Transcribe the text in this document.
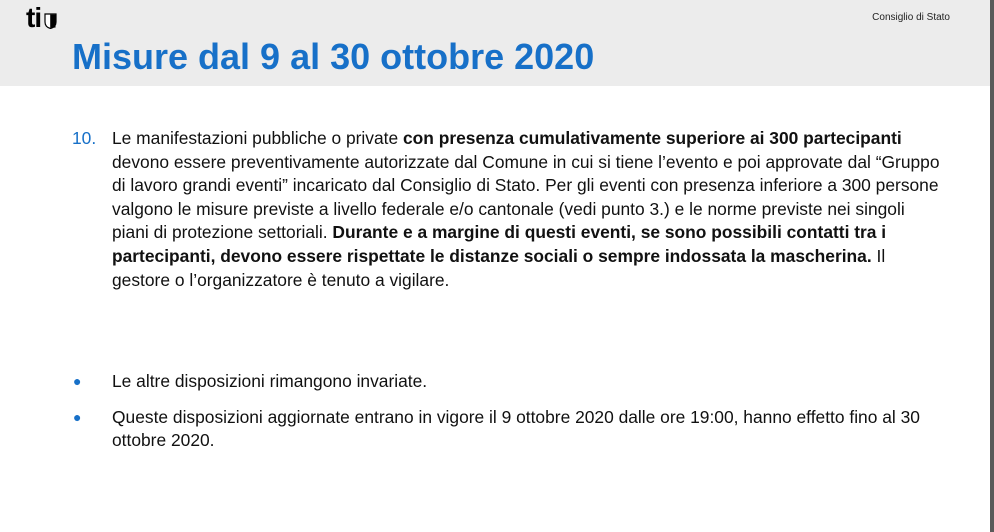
ti	Consiglio di Stato
Misure dal 9 al 30 ottobre 2020
10. Le manifestazioni pubbliche o private con presenza cumulativamente superiore ai 300 partecipanti devono essere preventivamente autorizzate dal Comune in cui si tiene l’evento e poi approvate dal “Gruppo di lavoro grandi eventi” incaricato dal Consiglio di Stato. Per gli eventi con presenza inferiore a 300 persone valgono le misure previste a livello federale e/o cantonale (vedi punto 3.) e le norme previste nei singoli piani di protezione settoriali. Durante e a margine di questi eventi, se sono possibili contatti tra i partecipanti, devono essere rispettate le distanze sociali o sempre indossata la mascherina. Il gestore o l’organizzatore è tenuto a vigilare.
●	Le altre disposizioni rimangono invariate.
●	Queste disposizioni aggiornate entrano in vigore il 9 ottobre 2020 dalle ore 19:00, hanno effetto fino al 30 ottobre 2020.
